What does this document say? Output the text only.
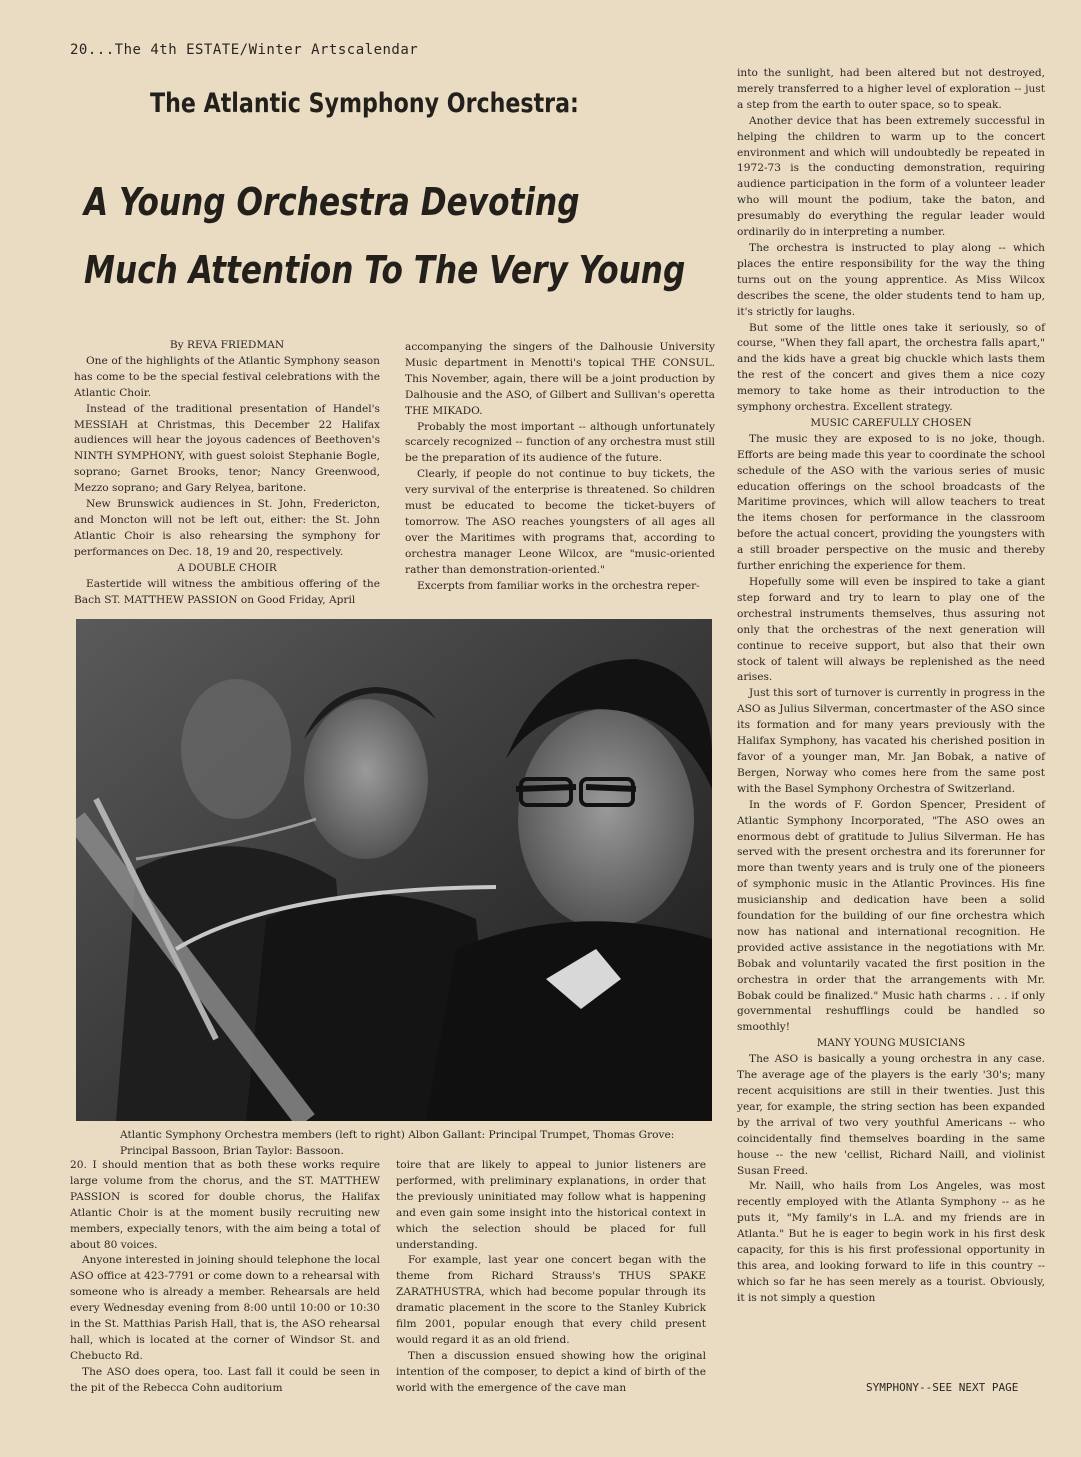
20...The 4th ESTATE/Winter Artscalendar
The Atlantic Symphony Orchestra:
A Young Orchestra Devoting
Much Attention To The Very Young

By REVA FRIEDMAN

One of the highlights of the Atlantic Symphony season has come to be the special festival celebrations with the Atlantic Choir.

Instead of the traditional presentation of Handel's MESSIAH at Christmas, this December 22 Halifax audiences will hear the joyous cadences of Beethoven's NINTH SYMPHONY, with guest soloist Stephanie Bogle, soprano; Garnet Brooks, tenor; Nancy Greenwood, Mezzo soprano; and Gary Relyea, baritone.

New Brunswick audiences in St. John, Fredericton, and Moncton will not be left out, either: the St. John Atlantic Choir is also rehearsing the symphony for performances on Dec. 18, 19 and 20, respectively.

A DOUBLE CHOIR

Eastertide will witness the ambitious offering of the Bach ST. MATTHEW PASSION on Good Friday, April

accompanying the singers of the Dalhousie University Music department in Menotti's topical THE CONSUL. This November, again, there will be a joint production by Dalhousie and the ASO, of Gilbert and Sullivan's operetta THE MIKADO.

Probably the most important -- although unfortunately scarcely recognized -- function of any orchestra must still be the preparation of its audience of the future.

Clearly, if people do not continue to buy tickets, the very survival of the enterprise is threatened. So children must be educated to become the ticket-buyers of tomorrow. The ASO reaches youngsters of all ages all over the Maritimes with programs that, according to orchestra manager Leone Wilcox, are "music-oriented rather than demonstration-oriented."

Excerpts from familiar works in the orchestra reper-

into the sunlight, had been altered but not destroyed, merely transferred to a higher level of exploration -- just a step from the earth to outer space, so to speak.

Another device that has been extremely successful in helping the children to warm up to the concert environment and which will undoubtedly be repeated in 1972-73 is the conducting demonstration, requiring audience participation in the form of a volunteer leader who will mount the podium, take the baton, and presumably do everything the regular leader would ordinarily do in interpreting a number.

The orchestra is instructed to play along -- which places the entire responsibility for the way the thing turns out on the young apprentice. As Miss Wilcox describes the scene, the older students tend to ham up, it's strictly for laughs.

But some of the little ones take it seriously, so of course, "When they fall apart, the orchestra falls apart," and the kids have a great big chuckle which lasts them the rest of the concert and gives them a nice cozy memory to take home as their introduction to the symphony orchestra. Excellent strategy.

MUSIC CAREFULLY CHOSEN

The music they are exposed to is no joke, though. Efforts are being made this year to coordinate the school schedule of the ASO with the various series of music education offerings on the school broadcasts of the Maritime provinces, which will allow teachers to treat the items chosen for performance in the classroom before the actual concert, providing the youngsters with a still broader perspective on the music and thereby further enriching the experience for them.

Hopefully some will even be inspired to take a giant step forward and try to learn to play one of the orchestral instruments themselves, thus assuring not only that the orchestras of the next generation will continue to receive support, but also that their own stock of talent will always be replenished as the need arises.

Just this sort of turnover is currently in progress in the ASO as Julius Silverman, concertmaster of the ASO since its formation and for many years previously with the Halifax Symphony, has vacated his cherished position in favor of a younger man, Mr. Jan Bobak, a native of Bergen, Norway who comes here from the same post with the Basel Symphony Orchestra of Switzerland.

In the words of F. Gordon Spencer, President of Atlantic Symphony Incorporated, "The ASO owes an enormous debt of gratitude to Julius Silverman. He has served with the present orchestra and its forerunner for more than twenty years and is truly one of the pioneers of symphonic music in the Atlantic Provinces. His fine musicianship and dedication have been a solid foundation for the building of our fine orchestra which now has national and international recognition. He provided active assistance in the negotiations with Mr. Bobak and voluntarily vacated the first position in the orchestra in order that the arrangements with Mr. Bobak could be finalized." Music hath charms . . . if only governmental reshufflings could be handled so smoothly!

MANY YOUNG MUSICIANS

The ASO is basically a young orchestra in any case. The average age of the players is the early '30's; many recent acquisitions are still in their twenties. Just this year, for example, the string section has been expanded by the arrival of two very youthful Americans -- who coincidentally find themselves boarding in the same house -- the new 'cellist, Richard Naill, and violinist Susan Freed.

Mr. Naill, who hails from Los Angeles, was most recently employed with the Atlanta Symphony -- as he puts it, "My family's in L.A. and my friends are in Atlanta." But he is eager to begin work in his first desk capacity, for this is his first professional opportunity in this area, and looking forward to life in this country -- which so far he has seen merely as a tourist. Obviously, it is not simply a question

Atlantic Symphony Orchestra members (left to right) Albon Gallant: Principal Trumpet, Thomas Grove: Principal Bassoon, Brian Taylor: Bassoon.

20. I should mention that as both these works require large volume from the chorus, and the ST. MATTHEW PASSION is scored for double chorus, the Halifax Atlantic Choir is at the moment busily recruiting new members, expecially tenors, with the aim being a total of about 80 voices.

Anyone interested in joining should telephone the local ASO office at 423-7791 or come down to a rehearsal with someone who is already a member. Rehearsals are held every Wednesday evening from 8:00 until 10:00 or 10:30 in the St. Matthias Parish Hall, that is, the ASO rehearsal hall, which is located at the corner of Windsor St. and Chebucto Rd.

The ASO does opera, too. Last fall it could be seen in the pit of the Rebecca Cohn auditorium

toire that are likely to appeal to junior listeners are performed, with preliminary explanations, in order that the previously uninitiated may follow what is happening and even gain some insight into the historical context in which the selection should be placed for full understanding.

For example, last year one concert began with the theme from Richard Strauss's THUS SPAKE ZARATHUSTRA, which had become popular through its dramatic placement in the score to the Stanley Kubrick film 2001, popular enough that every child present would regard it as an old friend.

Then a discussion ensued showing how the original intention of the composer, to depict a kind of birth of the world with the emergence of the cave man	SYMPHONY--SEE NEXT PAGE
